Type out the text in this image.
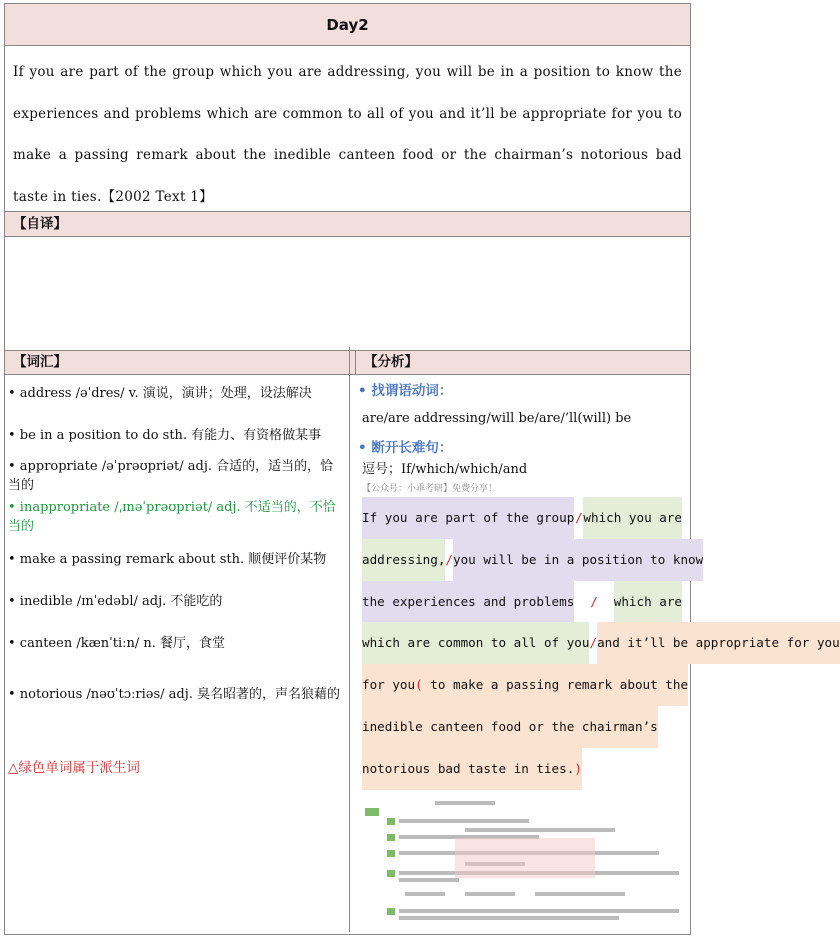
Day2
If you are part of the group which you are addressing, you will be in a position to know the experiences and problems which are common to all of you and it’ll be appropriate for you to make a passing remark about the inedible canteen food or the chairman’s notorious bad taste in ties.【2002 Text 1】
【自译】
【词汇】	【分析】
• address /əˈdres/ v. 演说，演讲；处理，设法解决
• be in a position to do sth. 有能力、有资格做某事
• appropriate /əˈprəʊpriət/ adj. 合适的，适当的，恰当的
• inappropriate /ˌɪnəˈprəʊpriət/ adj. 不适当的，不恰当的
• make a passing remark about sth. 顺便评价某物
• inedible /ɪnˈedəbl/ adj. 不能吃的
• canteen /kænˈtiːn/ n. 餐厅，食堂
• notorious /nəʊˈtɔːriəs/ adj. 臭名昭著的，声名狼藉的
△绿色单词属于派生词
• 找谓语动词：
are/are addressing/will be/are/’ll(will) be
• 断开长难句：
逗号；If/which/which/and
【公众号：小乖考研】免费分享！
If you are part of the group / which you are
addressing, / you will be in a position to know
the experiences and problems / which are
which are common to all of you / and it’ll be appropriate for you
for you( to make a passing remark about the
inedible canteen food or the chairman’s
notorious bad taste in ties.)
